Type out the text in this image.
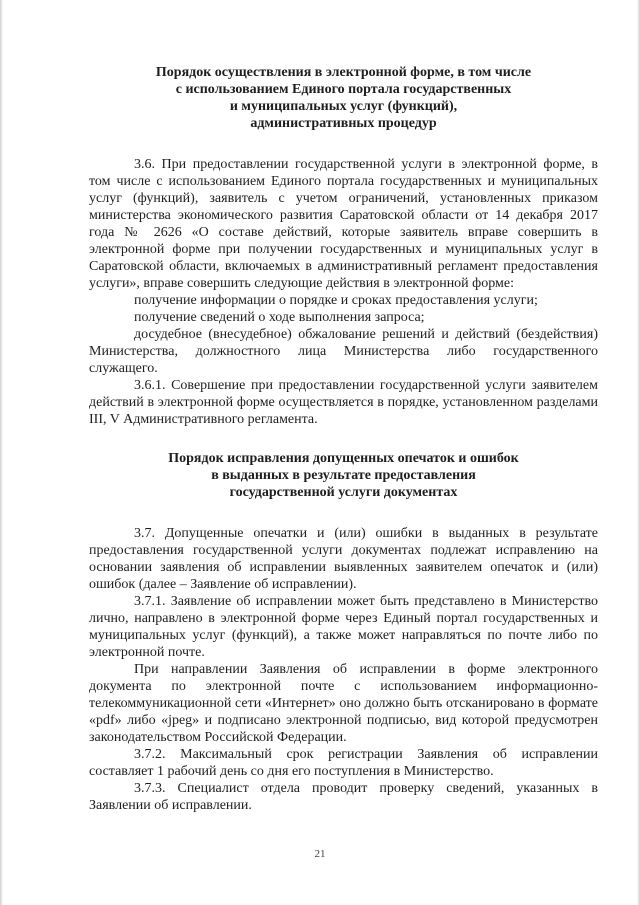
Порядок осуществления в электронной форме, в том числе
с использованием Единого портала государственных
и муниципальных услуг (функций),
административных процедур

3.6. При предоставлении государственной услуги в электронной форме, в том числе с использованием Единого портала государственных и муниципальных услуг (функций), заявитель с учетом ограничений, установленных приказом министерства экономического развития Саратовской области от 14 декабря 2017 года № 2626 «О составе действий, которые заявитель вправе совершить в электронной форме при получении государственных и муниципальных услуг в Саратовской области, включаемых в административный регламент предоставления услуги», вправе совершить следующие действия в электронной форме:

получение информации о порядке и сроках предоставления услуги;

получение сведений о ходе выполнения запроса;

досудебное (внесудебное) обжалование решений и действий (бездействия) Министерства, должностного лица Министерства либо государственного служащего.

3.6.1. Совершение при предоставлении государственной услуги заявителем действий в электронной форме осуществляется в порядке, установленном разделами III, V Административного регламента.

Порядок исправления допущенных опечаток и ошибок
в выданных в результате предоставления
государственной услуги документах

3.7. Допущенные опечатки и (или) ошибки в выданных в результате предоставления государственной услуги документах подлежат исправлению на основании заявления об исправлении выявленных заявителем опечаток и (или) ошибок (далее – Заявление об исправлении).

3.7.1. Заявление об исправлении может быть представлено в Министерство лично, направлено в электронной форме через Единый портал государственных и муниципальных услуг (функций), а также может направляться по почте либо по электронной почте.

При направлении Заявления об исправлении в форме электронного документа по электронной почте с использованием информационно-телекоммуникационной сети «Интернет» оно должно быть отсканировано в формате «pdf» либо «jpeg» и подписано электронной подписью, вид которой предусмотрен законодательством Российской Федерации.

3.7.2. Максимальный срок регистрации Заявления об исправлении составляет 1 рабочий день со дня его поступления в Министерство.

3.7.3. Специалист отдела проводит проверку сведений, указанных в Заявлении об исправлении.

21
